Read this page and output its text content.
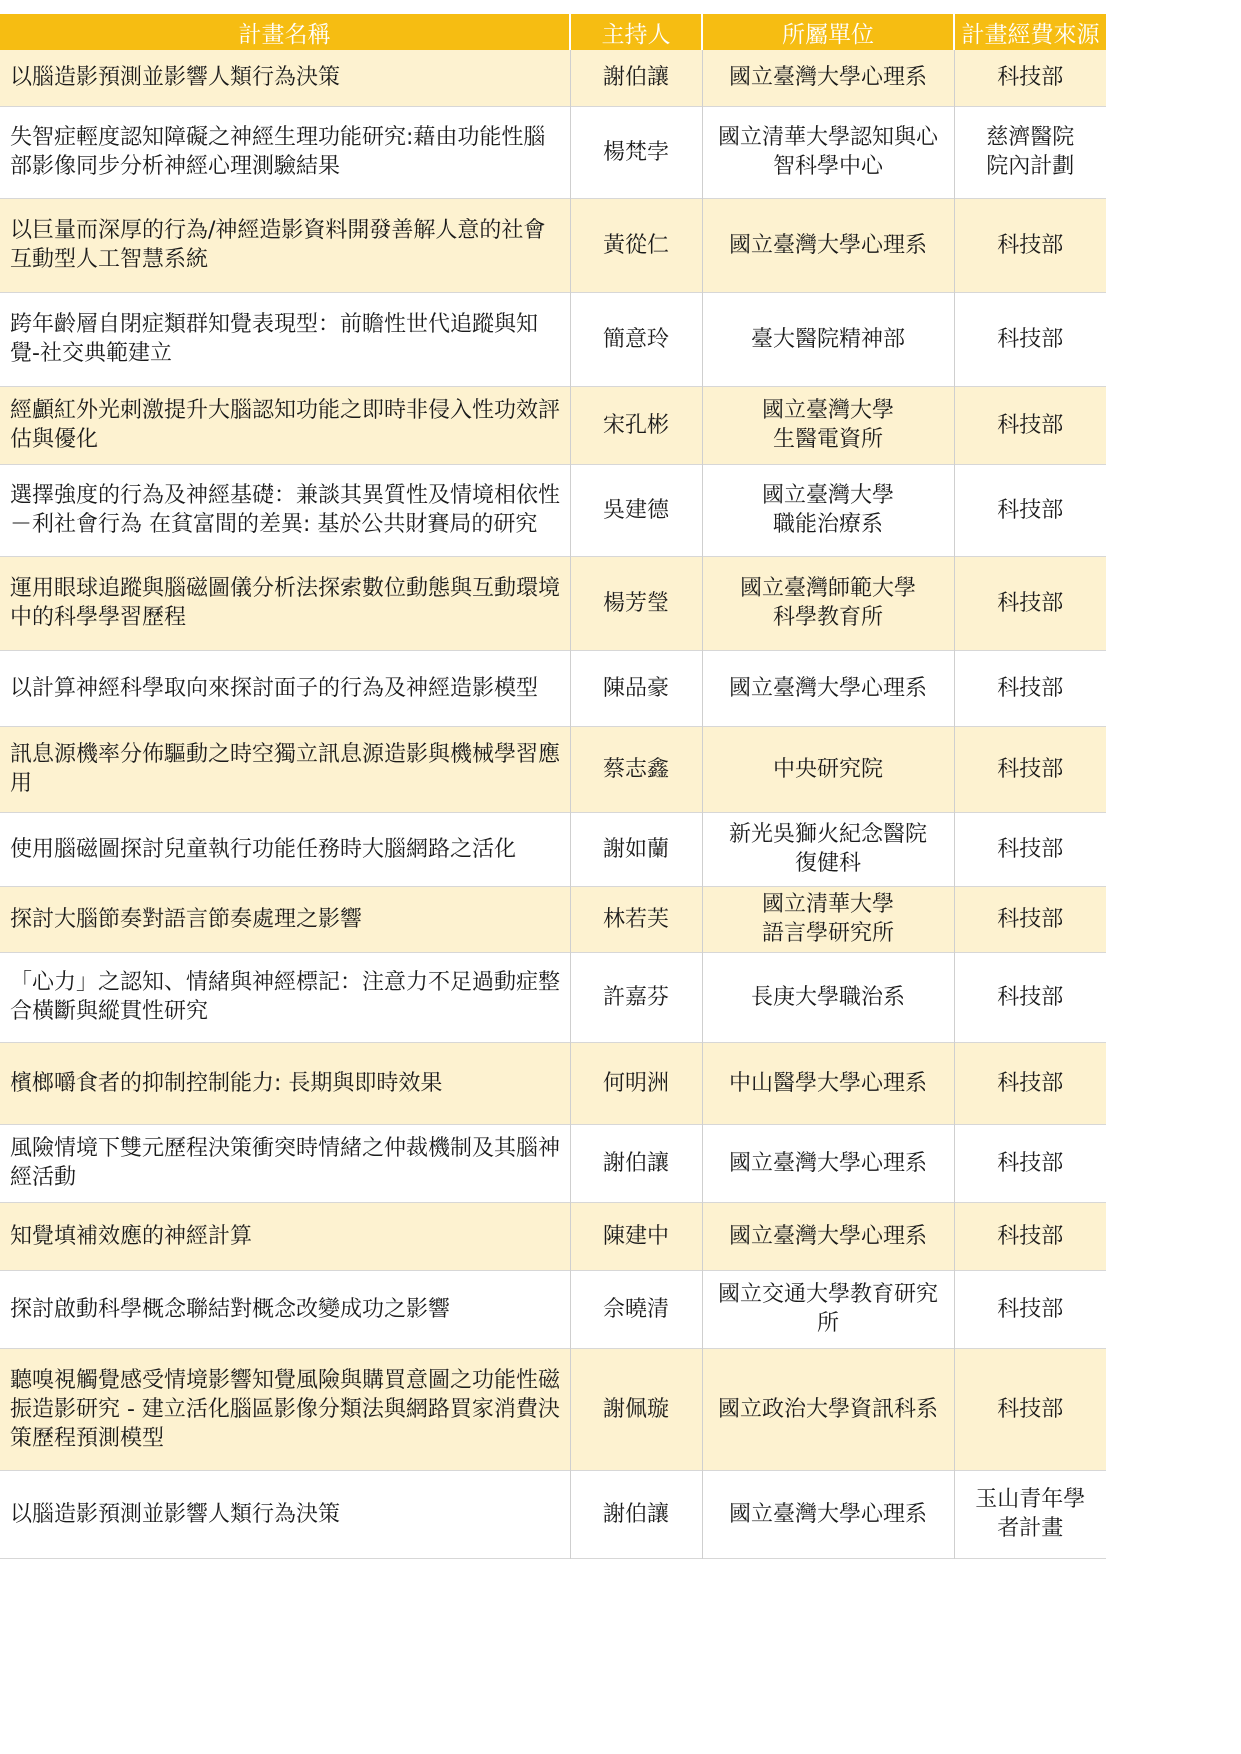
計畫名稱	主持人	所屬單位	計畫經費來源
以腦造影預測並影響人類行為決策	謝伯讓	國立臺灣大學心理系	科技部
失智症輕度認知障礙之神經生理功能研究:藉由功能性腦部影像同步分析神經心理測驗結果	楊梵孛	國立清華大學認知與心智科學中心	慈濟醫院院內計劃
以巨量而深厚的行為/神經造影資料開發善解人意的社會互動型人工智慧系統	黃從仁	國立臺灣大學心理系	科技部
跨年齡層自閉症類群知覺表現型：前瞻性世代追蹤與知覺-社交典範建立	簡意玲	臺大醫院精神部	科技部
經顱紅外光刺激提升大腦認知功能之即時非侵入性功效評估與優化	宋孔彬	國立臺灣大學 生醫電資所	科技部
選擇強度的行為及神經基礎：兼談其異質性及情境相依性－利社會行為 在貧富間的差異: 基於公共財賽局的研究	吳建德	國立臺灣大學 職能治療系	科技部
運用眼球追蹤與腦磁圖儀分析法探索數位動態與互動環境中的科學學習歷程	楊芳瑩	國立臺灣師範大學 科學教育所	科技部
以計算神經科學取向來探討面子的行為及神經造影模型	陳品豪	國立臺灣大學心理系	科技部
訊息源機率分佈驅動之時空獨立訊息源造影與機械學習應用	蔡志鑫	中央研究院	科技部
使用腦磁圖探討兒童執行功能任務時大腦網路之活化	謝如蘭	新光吳獅火紀念醫院 復健科	科技部
探討大腦節奏對語言節奏處理之影響	林若芙	國立清華大學 語言學研究所	科技部
「心力」之認知、情緒與神經標記：注意力不足過動症整合橫斷與縱貫性研究	許嘉芬	長庚大學職治系	科技部
檳榔嚼食者的抑制控制能力: 長期與即時效果	何明洲	中山醫學大學心理系	科技部
風險情境下雙元歷程決策衝突時情緒之仲裁機制及其腦神經活動	謝伯讓	國立臺灣大學心理系	科技部
知覺填補效應的神經計算	陳建中	國立臺灣大學心理系	科技部
探討啟動科學概念聯結對概念改變成功之影響	佘曉清	國立交通大學教育研究所	科技部
聽嗅視觸覺感受情境影響知覺風險與購買意圖之功能性磁振造影研究 - 建立活化腦區影像分類法與網路買家消費決策歷程預測模型	謝佩璇	國立政治大學資訊科系	科技部
以腦造影預測並影響人類行為決策	謝伯讓	國立臺灣大學心理系	玉山青年學者計畫
